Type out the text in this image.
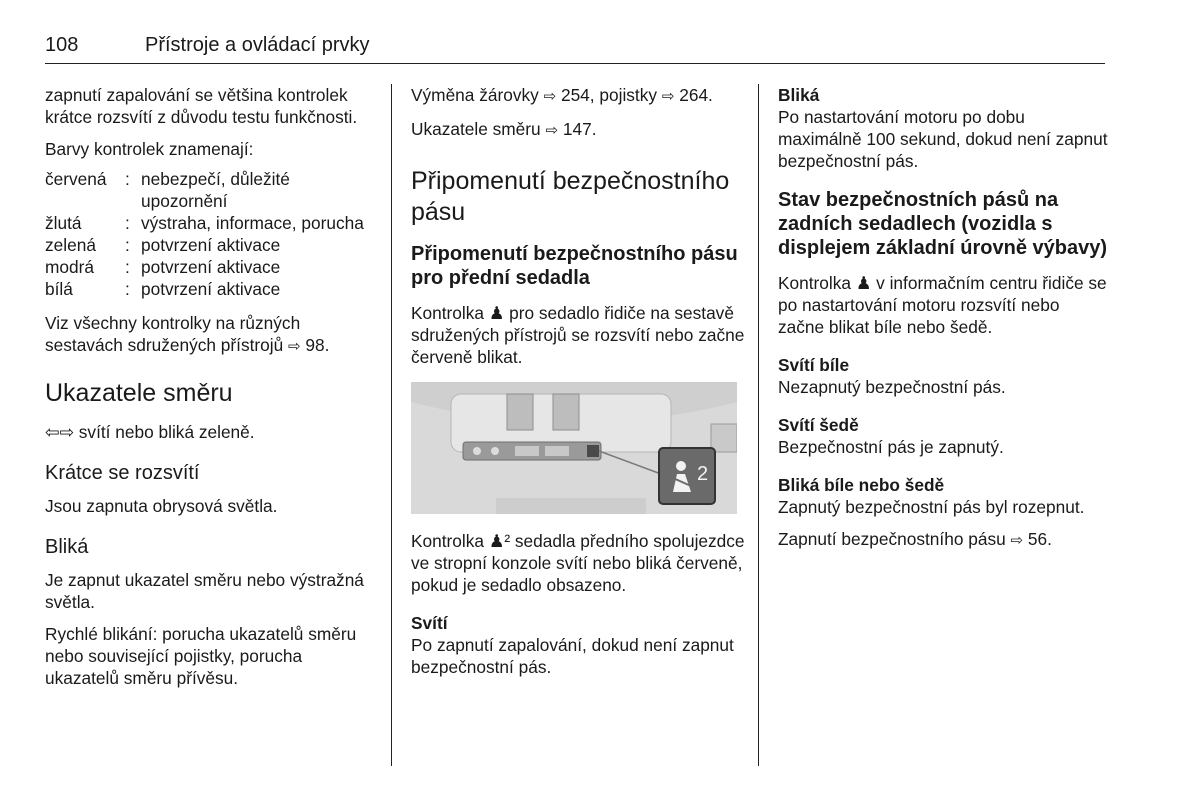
108	Přístroje a ovládací prvky

zapnutí zapalování se většina kontrolek krátce rozsvítí z důvodu testu funkčnosti.

Barvy kontrolek znamenají:

červená	:	nebezpečí, důležité upozornění
žlutá	:	výstraha, informace, porucha
zelená	:	potvrzení aktivace
modrá	:	potvrzení aktivace
bílá	:	potvrzení aktivace

Viz všechny kontrolky na různých sestavách sdružených přístrojů ⇨ 98.

Ukazatele směru

⇦⇨ svítí nebo bliká zeleně.

Krátce se rozsvítí

Jsou zapnuta obrysová světla.

Bliká

Je zapnut ukazatel směru nebo výstražná světla.

Rychlé blikání: porucha ukazatelů směru nebo související pojistky, porucha ukazatelů směru přívěsu.

Výměna žárovky ⇨ 254, pojistky ⇨ 264.

Ukazatele směru ⇨ 147.

Připomenutí bezpečnostního pásu
Připomenutí bezpečnostního pásu pro přední sedadla

Kontrolka ♟ pro sedadlo řidiče na sestavě sdružených přístrojů se rozsvítí nebo začne červeně blikat.

2

Kontrolka ♟² sedadla předního spolujezdce ve stropní konzole svítí nebo bliká červeně, pokud je sedadlo obsazeno.

Svítí

Po zapnutí zapalování, dokud není zapnut bezpečnostní pás.

Bliká

Po nastartování motoru po dobu maximálně 100 sekund, dokud není zapnut bezpečnostní pás.

Stav bezpečnostních pásů na zadních sedadlech (vozidla s displejem základní úrovně výbavy)

Kontrolka ♟ v informačním centru řidiče se po nastartování motoru rozsvítí nebo začne blikat bíle nebo šedě.

Svítí bíle

Nezapnutý bezpečnostní pás.

Svítí šedě

Bezpečnostní pás je zapnutý.

Bliká bíle nebo šedě

Zapnutý bezpečnostní pás byl rozepnut.

Zapnutí bezpečnostního pásu ⇨ 56.
